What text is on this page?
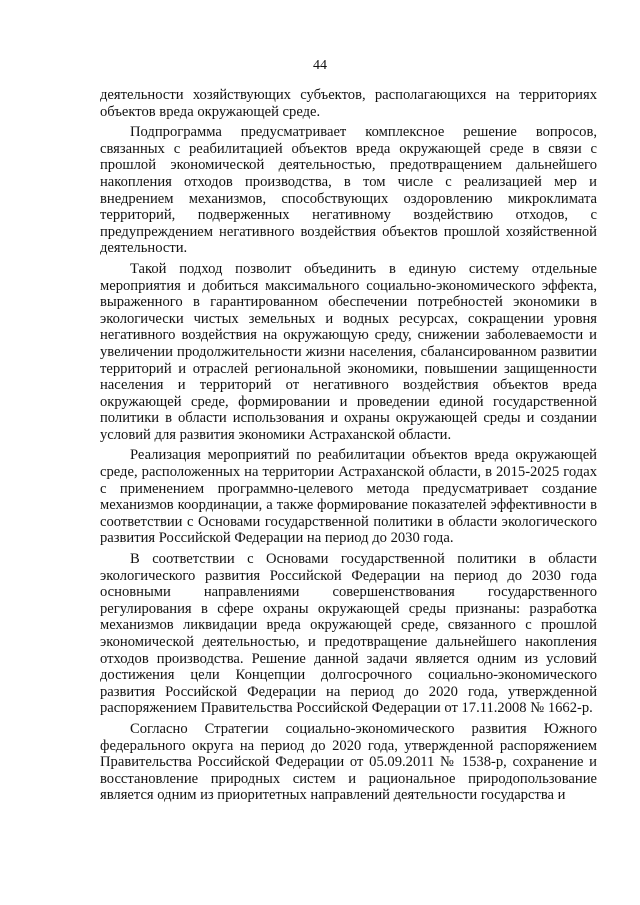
44

деятельности хозяйствующих субъектов, располагающихся на территориях объектов вреда окружающей среде.

Подпрограмма предусматривает комплексное решение вопросов, связанных с реабилитацией объектов вреда окружающей среде в связи с прошлой экономической деятельностью, предотвращением дальнейшего накопления отходов производства, в том числе с реализацией мер и внедрением механизмов, способствующих оздоровлению микроклимата территорий, подверженных негативному воздействию отходов, с предупреждением негативного воздействия объектов прошлой хозяйственной деятельности.

Такой подход позволит объединить в единую систему отдельные мероприятия и добиться максимального социально-экономического эффекта, выраженного в гарантированном обеспечении потребностей экономики в экологически чистых земельных и водных ресурсах, сокращении уровня негативного воздействия на окружающую среду, снижении заболеваемости и увеличении продолжительности жизни населения, сбалансированном развитии территорий и отраслей региональной экономики, повышении защищенности населения и территорий от негативного воздействия объектов вреда окружающей среде, формировании и проведении единой государственной политики в области использования и охраны окружающей среды и создании условий для развития экономики Астраханской области.

Реализация мероприятий по реабилитации объектов вреда окружающей среде, расположенных на территории Астраханской области, в 2015-2025 годах с применением программно-целевого метода предусматривает создание механизмов координации, а также формирование показателей эффективности в соответствии с Основами государственной политики в области экологического развития Российской Федерации на период до 2030 года.

В соответствии с Основами государственной политики в области экологического развития Российской Федерации на период до 2030 года основными направлениями совершенствования государственного регулирования в сфере охраны окружающей среды признаны: разработка механизмов ликвидации вреда окружающей среде, связанного с прошлой экономической деятельностью, и предотвращение дальнейшего накопления отходов производства. Решение данной задачи является одним из условий достижения цели Концепции долгосрочного социально-экономического развития Российской Федерации на период до 2020 года, утвержденной распоряжением Правительства Российской Федерации от 17.11.2008 № 1662-р.

Согласно Стратегии социально-экономического развития Южного федерального округа на период до 2020 года, утвержденной распоряжением Правительства Российской Федерации от 05.09.2011 № 1538-р, сохранение и восстановление природных систем и рациональное природопользование является одним из приоритетных направлений деятельности государства и
